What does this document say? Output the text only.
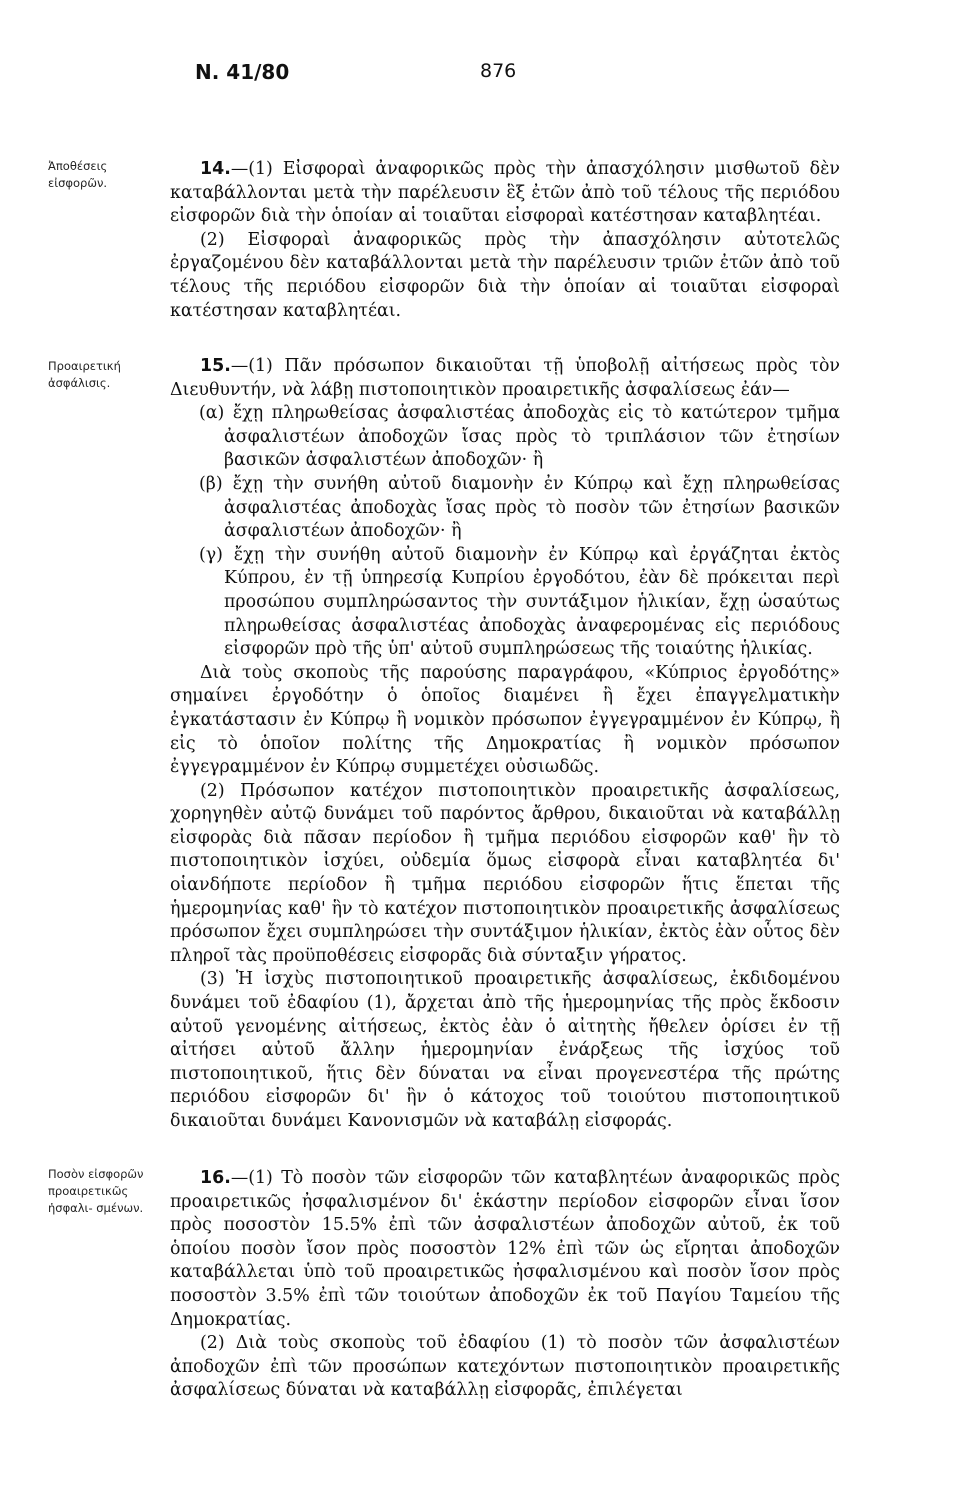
N. 41/80	876
Ἀποθέσεις εἰσφορῶν.
Προαιρετική ἀσφάλισις.
Ποσὸν εἰσφορῶν προαιρετικῶς ἠσφαλι- σμένων.

14.—(1) Εἰσφοραὶ ἀναφορικῶς πρὸς τὴν ἀπασχόλησιν μισθωτοῦ δὲν καταβάλλονται μετὰ τὴν παρέλευσιν ἓξ ἐτῶν ἀπὸ τοῦ τέλους τῆς περιόδου εἰσφορῶν διὰ τὴν ὁποίαν αἱ τοιαῦται εἰσφοραὶ κατέστησαν καταβλητέαι.

(2) Εἰσφοραὶ ἀναφορικῶς πρὸς τὴν ἀπασχόλησιν αὐτοτελῶς ἐργαζομένου δὲν καταβάλλονται μετὰ τὴν παρέλευσιν τριῶν ἐτῶν ἀπὸ τοῦ τέλους τῆς περιόδου εἰσφορῶν διὰ τὴν ὁποίαν αἱ τοιαῦται εἰσφοραὶ κατέστησαν καταβλητέαι.

15.—(1) Πᾶν πρόσωπον δικαιοῦται τῇ ὑποβολῇ αἰτήσεως πρὸς τὸν Διευθυντήν, νὰ λάβῃ πιστοποιητικὸν προαιρετικῆς ἀσφαλίσεως ἐάν—

(α) ἔχῃ πληρωθείσας ἀσφαλιστέας ἀποδοχὰς εἰς τὸ κατώτερον τμῆμα ἀσφαλιστέων ἀποδοχῶν ἴσας πρὸς τὸ τριπλάσιον τῶν ἐτησίων βασικῶν ἀσφαλιστέων ἀποδοχῶν· ἢ

(β) ἔχῃ τὴν συνήθη αὐτοῦ διαμονὴν ἐν Κύπρῳ καὶ ἔχῃ πληρωθείσας ἀσφαλιστέας ἀποδοχὰς ἴσας πρὸς τὸ ποσὸν τῶν ἐτησίων βασικῶν ἀσφαλιστέων ἀποδοχῶν· ἢ

(γ) ἔχῃ τὴν συνήθη αὐτοῦ διαμονὴν ἐν Κύπρῳ καὶ ἐργάζηται ἐκτὸς Κύπρου, ἐν τῇ ὑπηρεσίᾳ Κυπρίου ἐργοδότου, ἐὰν δὲ πρόκειται περὶ προσώπου συμπληρώσαντος τὴν συντάξιμον ἡλικίαν, ἔχῃ ὡσαύτως πληρωθείσας ἀσφαλιστέας ἀποδοχὰς ἀναφερομένας εἰς περιόδους εἰσφορῶν πρὸ τῆς ὑπ' αὐτοῦ συμπληρώσεως τῆς τοιαύτης ἡλικίας.

Διὰ τοὺς σκοποὺς τῆς παρούσης παραγράφου, «Κύπριος ἐργοδότης» σημαίνει ἐργοδότην ὁ ὁποῖος διαμένει ἢ ἔχει ἐπαγγελματικὴν ἐγκατάστασιν ἐν Κύπρῳ ἢ νομικὸν πρόσωπον ἐγγεγραμμένον ἐν Κύπρῳ, ἢ εἰς τὸ ὁποῖον πολίτης τῆς Δημοκρατίας ἢ νομικὸν πρόσωπον ἐγγεγραμμένον ἐν Κύπρῳ συμμετέχει οὐσιωδῶς.

(2) Πρόσωπον κατέχον πιστοποιητικὸν προαιρετικῆς ἀσφαλίσεως, χορηγηθὲν αὐτῷ δυνάμει τοῦ παρόντος ἄρθρου, δικαιοῦται νὰ καταβάλλῃ εἰσφορὰς διὰ πᾶσαν περίοδον ἢ τμῆμα περιόδου εἰσφορῶν καθ' ἣν τὸ πιστοποιητικὸν ἰσχύει, οὐδεμία ὅμως εἰσφορὰ εἶναι καταβλητέα δι' οἱανδήποτε περίοδον ἢ τμῆμα περιόδου εἰσφορῶν ἥτις ἕπεται τῆς ἡμερομηνίας καθ' ἣν τὸ κατέχον πιστοποιητικὸν προαιρετικῆς ἀσφαλίσεως πρόσωπον ἔχει συμπληρώσει τὴν συντάξιμον ἡλικίαν, ἐκτὸς ἐὰν οὗτος δὲν πληροῖ τὰς προϋποθέσεις εἰσφορᾶς διὰ σύνταξιν γήρατος.

(3) Ἡ ἰσχὺς πιστοποιητικοῦ προαιρετικῆς ἀσφαλίσεως, ἐκδιδομένου δυνάμει τοῦ ἐδαφίου (1), ἄρχεται ἀπὸ τῆς ἡμερομηνίας τῆς πρὸς ἔκδοσιν αὐτοῦ γενομένης αἰτήσεως, ἐκτὸς ἐὰν ὁ αἰτητὴς ἤθελεν ὁρίσει ἐν τῇ αἰτήσει αὐτοῦ ἄλλην ἡμερομηνίαν ἐνάρξεως τῆς ἰσχύος τοῦ πιστοποιητικοῦ, ἥτις δὲν δύναται να εἶναι προγενεστέρα τῆς πρώτης περιόδου εἰσφορῶν δι' ἣν ὁ κάτοχος τοῦ τοιούτου πιστοποιητικοῦ δικαιοῦται δυνάμει Κανονισμῶν νὰ καταβάλῃ εἰσφοράς.

16.—(1) Τὸ ποσὸν τῶν εἰσφορῶν τῶν καταβλητέων ἀναφορικῶς πρὸς προαιρετικῶς ἠσφαλισμένον δι' ἑκάστην περίοδον εἰσφορῶν εἶναι ἴσον πρὸς ποσοστὸν 15.5% ἐπὶ τῶν ἀσφαλιστέων ἀποδοχῶν αὐτοῦ, ἐκ τοῦ ὁποίου ποσὸν ἴσον πρὸς ποσοστὸν 12% ἐπὶ τῶν ὡς εἴρηται ἀποδοχῶν καταβάλλεται ὑπὸ τοῦ προαιρετικῶς ἠσφαλισμένου καὶ ποσὸν ἴσον πρὸς ποσοστὸν 3.5% ἐπὶ τῶν τοιούτων ἀποδοχῶν ἐκ τοῦ Παγίου Ταμείου τῆς Δημοκρατίας.

(2) Διὰ τοὺς σκοποὺς τοῦ ἐδαφίου (1) τὸ ποσὸν τῶν ἀσφαλιστέων ἀποδοχῶν ἐπὶ τῶν προσώπων κατεχόντων πιστοποιητικὸν προαιρετικῆς ἀσφαλίσεως δύναται νὰ καταβάλλῃ εἰσφορᾶς, ἐπιλέγεται
